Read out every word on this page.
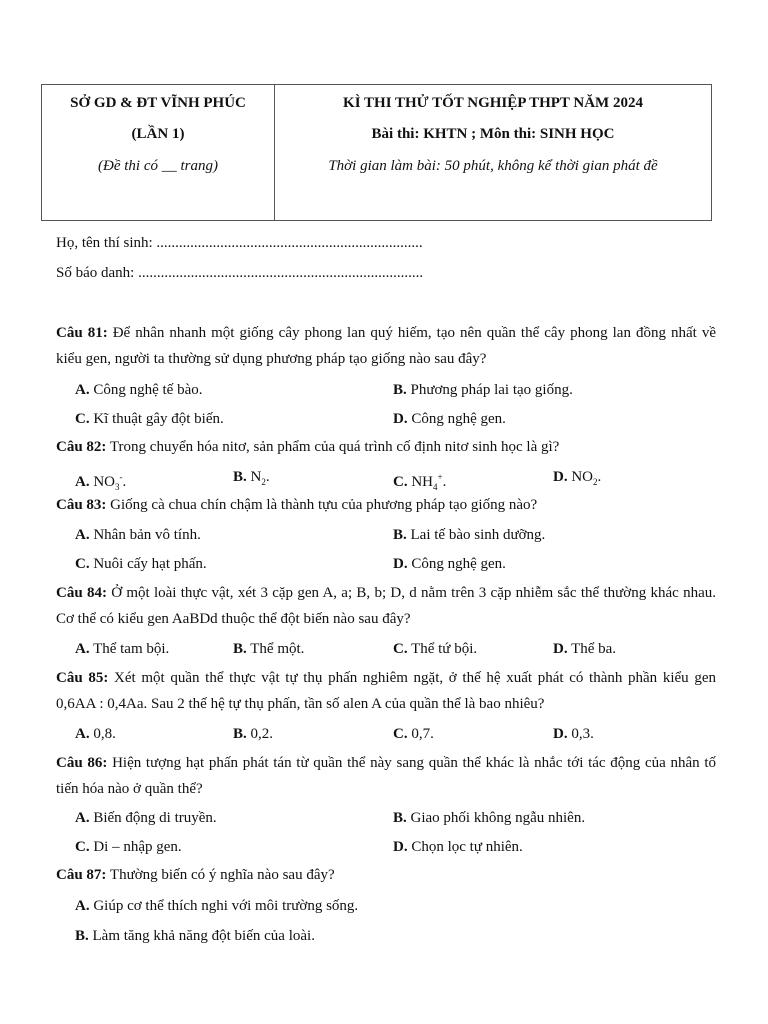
SỞ GD & ĐT VĨNH PHÚC
(LẦN 1)
(Đề thi có __ trang)
KÌ THI THỬ TỐT NGHIỆP THPT NĂM 2024
Bài thi: KHTN ; Môn thi: SINH HỌC
Thời gian làm bài: 50 phút, không kể thời gian phát đề
Họ, tên thí sinh: .......................................................................
Số báo danh: ............................................................................
Câu 81: Để nhân nhanh một giống cây phong lan quý hiếm, tạo nên quần thể cây phong lan đồng nhất về kiểu gen, người ta thường sử dụng phương pháp tạo giống nào sau đây?
A. Công nghệ tế bào.	B. Phương pháp lai tạo giống.
C. Kĩ thuật gây đột biến.	D. Công nghệ gen.
Câu 82: Trong chuyển hóa nitơ, sản phẩm của quá trình cố định nitơ sinh học là gì?
A. $NO_3^-$.	B. $N_2$.	C. $NH_4^+$.	D. $NO_2$.
Câu 83: Giống cà chua chín chậm là thành tựu của phương pháp tạo giống nào?
A. Nhân bản vô tính.	B. Lai tế bào sinh dưỡng.
C. Nuôi cấy hạt phấn.	D. Công nghệ gen.
Câu 84: Ở một loài thực vật, xét 3 cặp gen A, a; B, b; D, d nằm trên 3 cặp nhiễm sắc thể thường khác nhau. Cơ thể có kiểu gen AaBDd thuộc thể đột biến nào sau đây?
A. Thể tam bội.	B. Thể một.	C. Thể tứ bội.	D. Thể ba.
Câu 85: Xét một quần thể thực vật tự thụ phấn nghiêm ngặt, ở thế hệ xuất phát có thành phần kiểu gen 0,6AA : 0,4Aa. Sau 2 thế hệ tự thụ phấn, tần số alen A của quần thể là bao nhiêu?
A. 0,8.	B. 0,2.	C. 0,7.	D. 0,3.
Câu 86: Hiện tượng hạt phấn phát tán từ quần thể này sang quần thể khác là nhắc tới tác động của nhân tố tiến hóa nào ở quần thể?
A. Biến động di truyền.	B. Giao phối không ngẫu nhiên.
C. Di – nhập gen.	D. Chọn lọc tự nhiên.
Câu 87: Thường biến có ý nghĩa nào sau đây?
A. Giúp cơ thể thích nghi với môi trường sống.
B. Làm tăng khả năng đột biến của loài.
